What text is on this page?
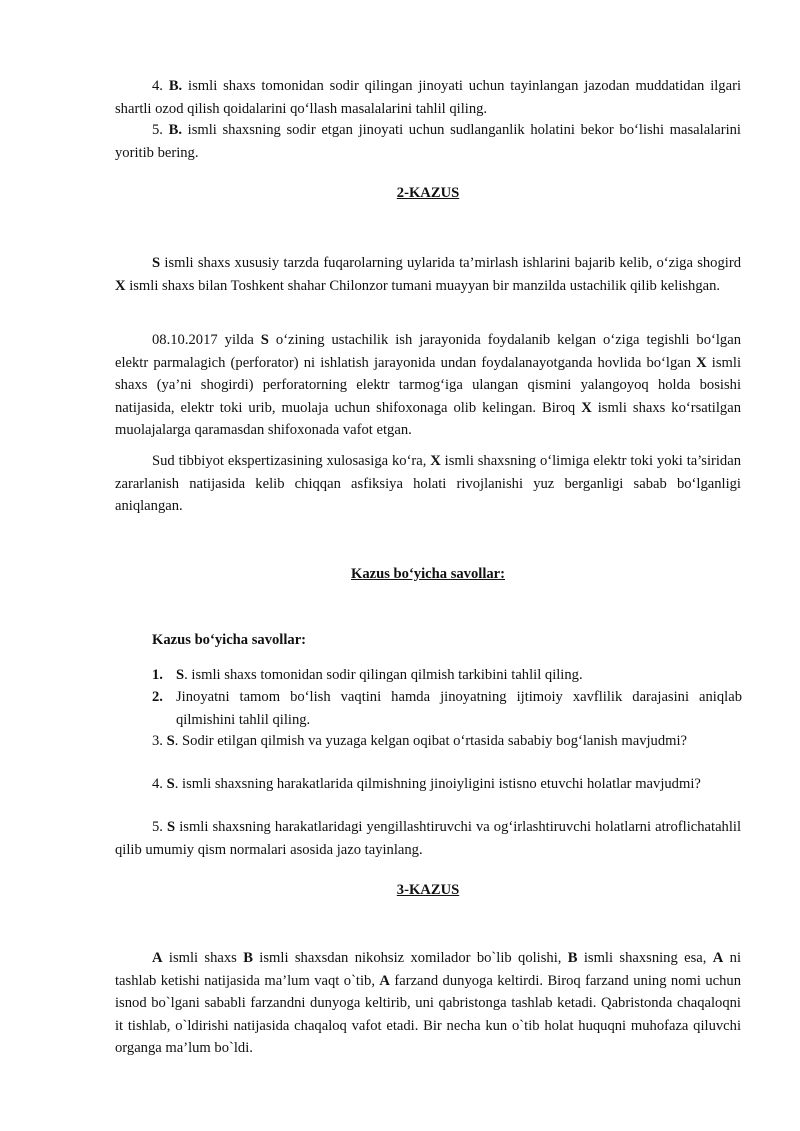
4. B. ismli shaxs tomonidan sodir qilingan jinoyati uchun tayinlangan jazodan muddatidan ilgari shartli ozod qilish qoidalarini qo‘llash masalalarini tahlil qiling.
5. B. ismli shaxsning sodir etgan jinoyati uchun sudlanganlik holatini bekor bo‘lishi masalalarini yoritib bering.
2-KAZUS
S ismli shaxs xususiy tarzda fuqarolarning uylarida ta’mirlash ishlarini bajarib kelib, o‘ziga shogird X ismli shaxs bilan Toshkent shahar Chilonzor tumani muayyan bir manzilda ustachilik qilib kelishgan.
08.10.2017 yilda S o‘zining ustachilik ish jarayonida foydalanib kelgan o‘ziga tegishli bo‘lgan elektr parmalagich (perforator) ni ishlatish jarayonida undan foydalanayotganda hovlida bo‘lgan X ismli shaxs (ya’ni shogirdi) perforatorning elektr tarmog‘iga ulangan qismini yalangoyoq holda bosishi natijasida, elektr toki urib, muolaja uchun shifoxonaga olib kelingan. Biroq X ismli shaxs ko‘rsatilgan muolajalarga qaramasdan shifoxonada vafot etgan.
Sud tibbiyot ekspertizasining xulosasiga ko‘ra, X ismli shaxsning o‘limiga elektr toki yoki ta’siridan zararlanish natijasida kelib chiqqan asfiksiya holati rivojlanishi yuz berganligi sabab bo‘lganligi aniqlangan.
Kazus bo‘yicha savollar:
Kazus bo‘yicha savollar:
1. S. ismli shaxs tomonidan sodir qilingan qilmish tarkibini tahlil qiling.
2. Jinoyatni tamom bo‘lish vaqtini hamda jinoyatning ijtimoiy xavflilik darajasini aniqlab qilmishini tahlil qiling.
3. S. Sodir etilgan qilmish va yuzaga kelgan oqibat o‘rtasida sababiy bog‘lanish mavjudmi?
4. S. ismli shaxsning harakatlarida qilmishning jinoiyligini istisno etuvchi holatlar mavjudmi?
5. S ismli shaxsning harakatlaridagi yengillashtiruvchi va og‘irlashtiruvchi holatlarni atroflichatahlil qilib umumiy qism normalari asosida jazo tayinlang.
3-KAZUS
A ismli shaxs B ismli shaxsdan nikohsiz xomilador bo`lib qolishi, B ismli shaxsning esa, A ni tashlab ketishi natijasida ma’lum vaqt o`tib, A farzand dunyoga keltirdi. Biroq farzand uning nomi uchun isnod bo`lgani sababli farzandni dunyoga keltirib, uni qabristonga tashlab ketadi. Qabristonda chaqaloqni it tishlab, o`ldirishi natijasida chaqaloq vafot etadi. Bir necha kun o`tib holat huquqni muhofaza qiluvchi organga ma’lum bo`ldi.
